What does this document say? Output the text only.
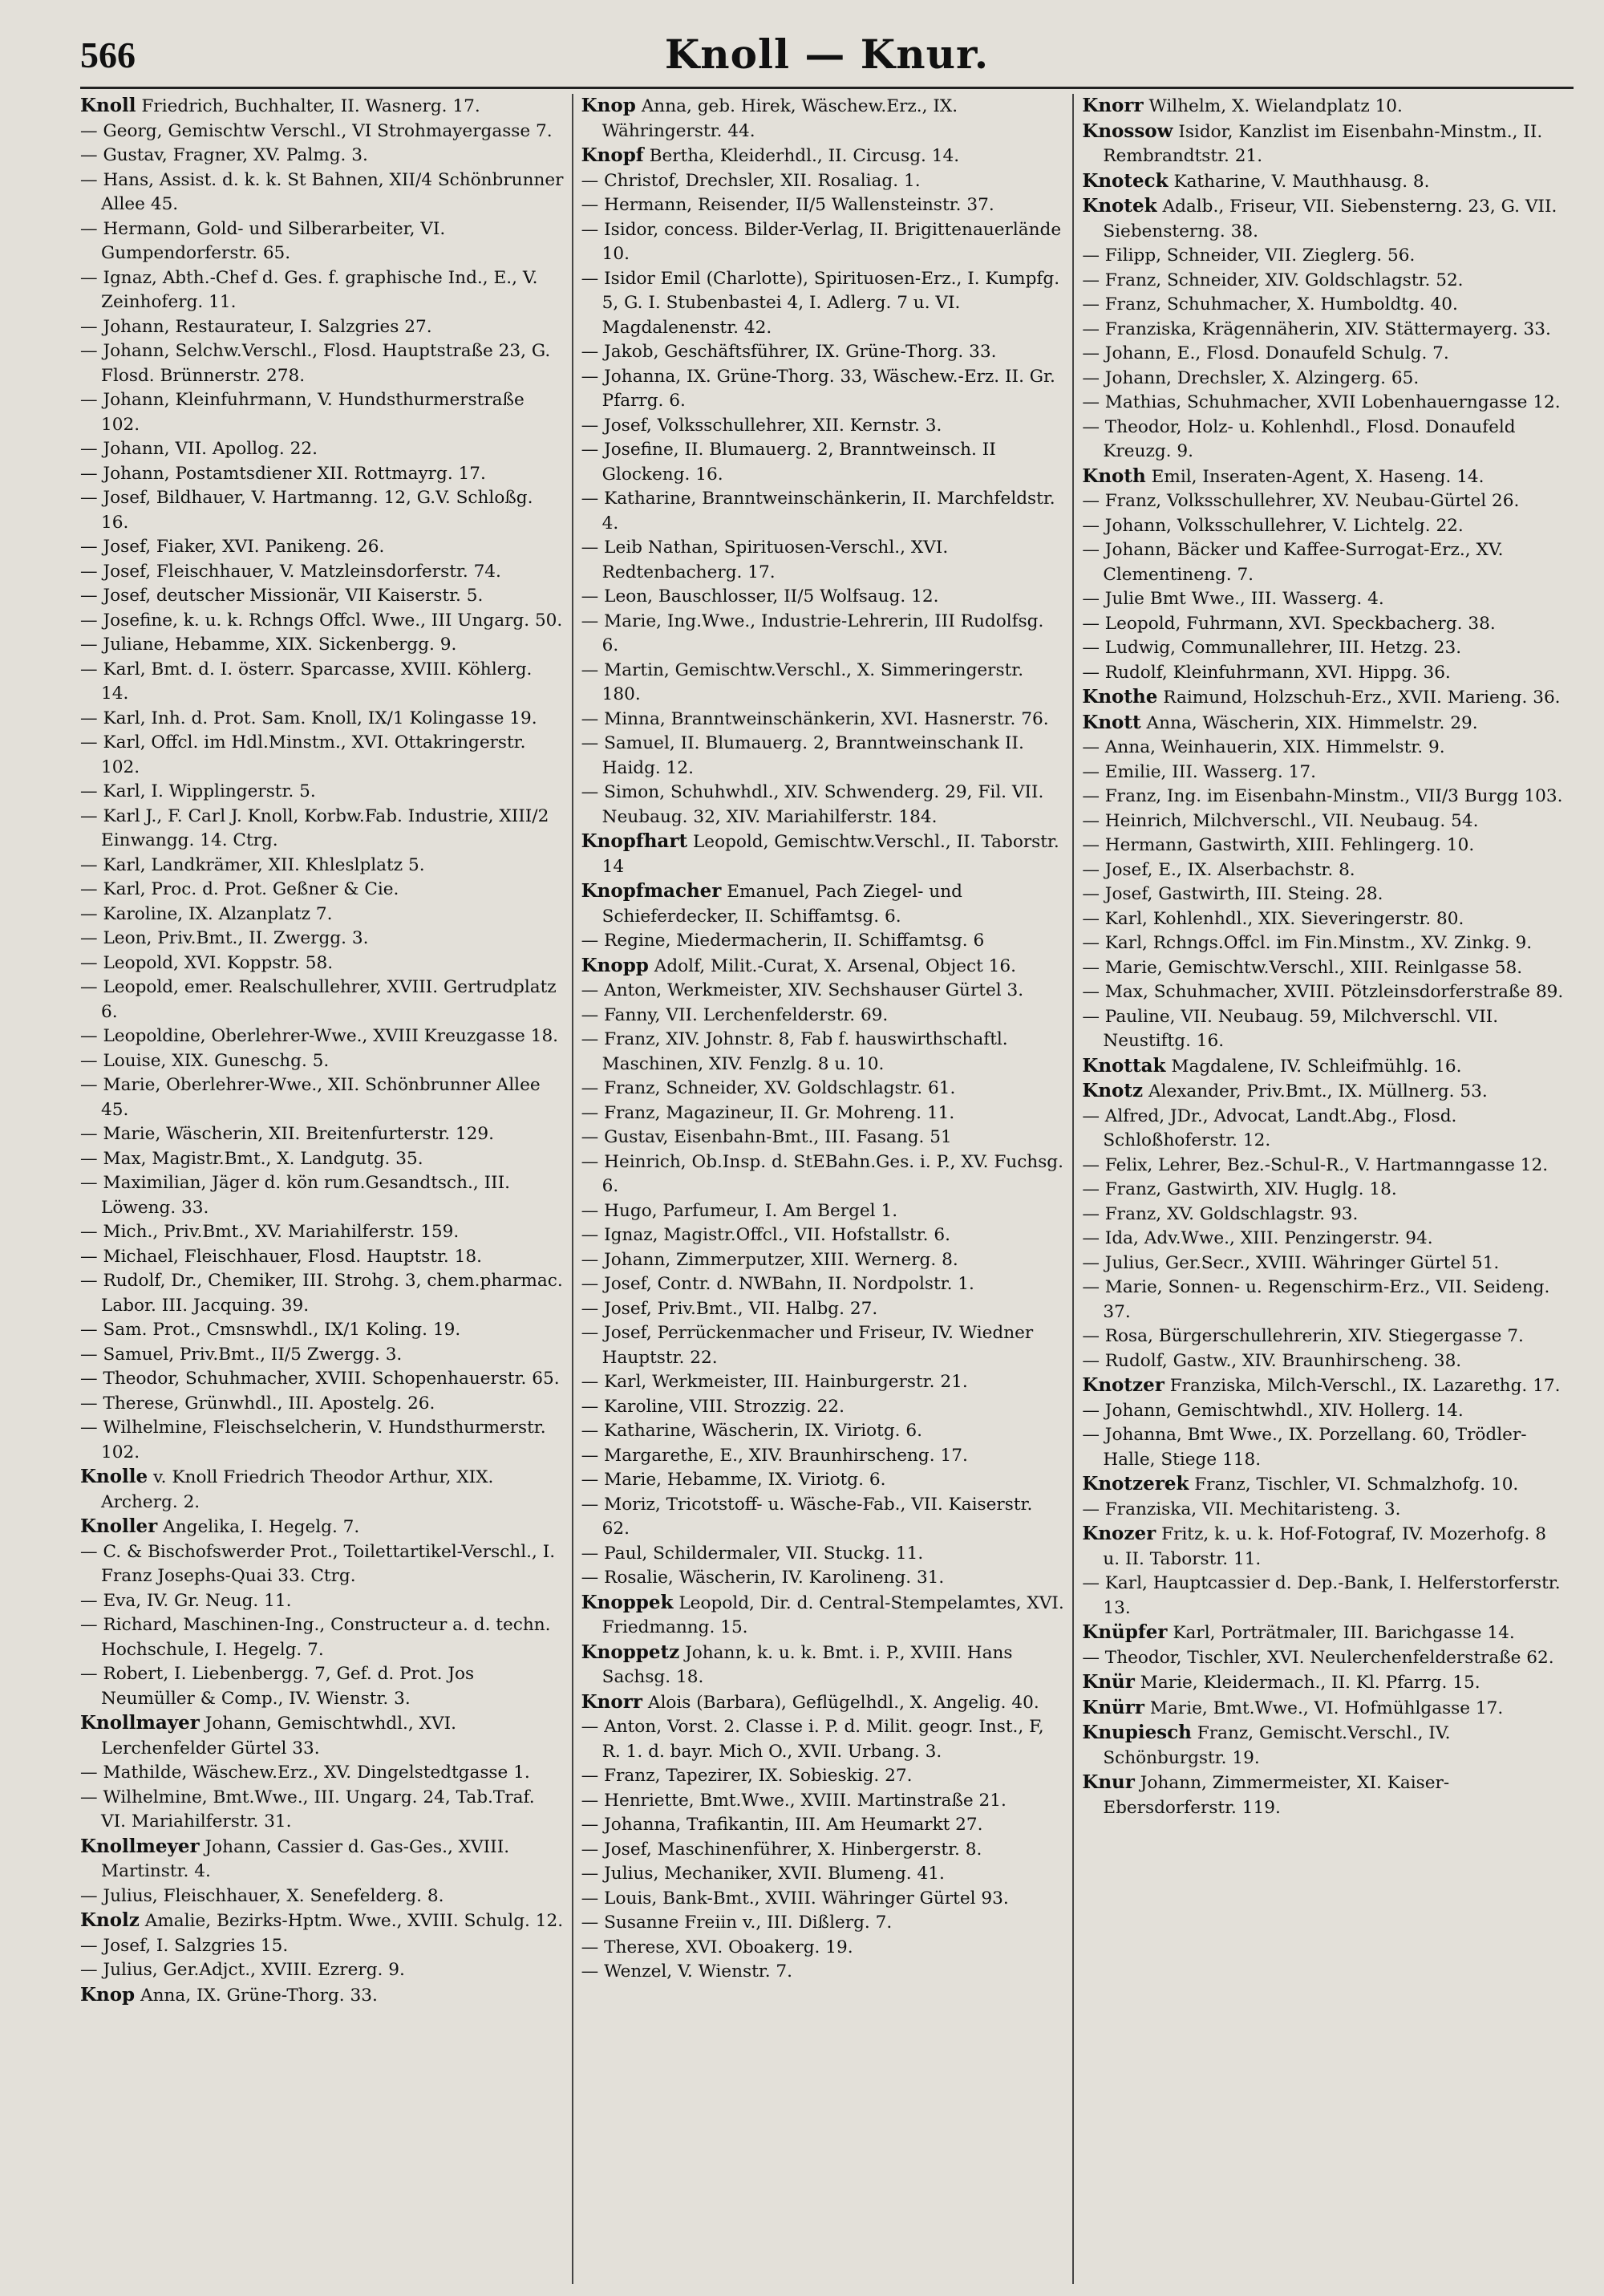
566	Knoll — Knur.
Knoll Friedrich, Buchhalter, II. Wasnerg. 17.
— Georg, Gemischtw Verschl., VI Strohmayergasse 7.
— Gustav, Fragner, XV. Palmg. 3.
— Hans, Assist. d. k. k. St Bahnen, XII/4 Schönbrunner Allee 45.
— Hermann, Gold- und Silberarbeiter, VI. Gumpendorferstr. 65.
— Ignaz, Abth.-Chef d. Ges. f. graphische Ind., E., V. Zeinhoferg. 11.
— Johann, Restaurateur, I. Salzgries 27.
— Johann, Selchw.Verschl., Flosd. Hauptstraße 23, G. Flosd. Brünnerstr. 278.
— Johann, Kleinfuhrmann, V. Hundsthurmerstraße 102.
— Johann, VII. Apollog. 22.
— Johann, Postamtsdiener XII. Rottmayrg. 17.
— Josef, Bildhauer, V. Hartmanng. 12, G.V. Schloßg. 16.
— Josef, Fiaker, XVI. Panikeng. 26.
— Josef, Fleischhauer, V. Matzleinsdorferstr. 74.
— Josef, deutscher Missionär, VII Kaiserstr. 5.
— Josefine, k. u. k. Rchngs Offcl. Wwe., III Ungarg. 50.
— Juliane, Hebamme, XIX. Sickenbergg. 9.
— Karl, Bmt. d. I. österr. Sparcasse, XVIII. Köhlerg. 14.
— Karl, Inh. d. Prot. Sam. Knoll, IX/1 Kolingasse 19.
— Karl, Offcl. im Hdl.Minstm., XVI. Ottakringerstr. 102.
— Karl, I. Wipplingerstr. 5.
— Karl J., F. Carl J. Knoll, Korbw.Fab. Industrie, XIII/2 Einwangg. 14. Ctrg.
— Karl, Landkrämer, XII. Khleslplatz 5.
— Karl, Proc. d. Prot. Geßner & Cie.
— Karoline, IX. Alzanplatz 7.
— Leon, Priv.Bmt., II. Zwergg. 3.
— Leopold, XVI. Koppstr. 58.
— Leopold, emer. Realschullehrer, XVIII. Gertrudplatz 6.
— Leopoldine, Oberlehrer-Wwe., XVIII Kreuzgasse 18.
— Louise, XIX. Guneschg. 5.
— Marie, Oberlehrer-Wwe., XII. Schönbrunner Allee 45.
— Marie, Wäscherin, XII. Breitenfurterstr. 129.
— Max, Magistr.Bmt., X. Landgutg. 35.
— Maximilian, Jäger d. kön rum.Gesandtsch., III. Löweng. 33.
— Mich., Priv.Bmt., XV. Mariahilferstr. 159.
— Michael, Fleischhauer, Flosd. Hauptstr. 18.
— Rudolf, Dr., Chemiker, III. Strohg. 3, chem.pharmac. Labor. III. Jacquing. 39.
— Sam. Prot., Cmsnswhdl., IX/1 Koling. 19.
— Samuel, Priv.Bmt., II/5 Zwergg. 3.
— Theodor, Schuhmacher, XVIII. Schopenhauerstr. 65.
— Therese, Grünwhdl., III. Apostelg. 26.
— Wilhelmine, Fleischselcherin, V. Hundsthurmerstr. 102.
Knolle v. Knoll Friedrich Theodor Arthur, XIX. Archerg. 2.
Knoller Angelika, I. Hegelg. 7.
— C. & Bischofswerder Prot., Toilettartikel-Verschl., I. Franz Josephs-Quai 33. Ctrg.
— Eva, IV. Gr. Neug. 11.
— Richard, Maschinen-Ing., Constructeur a. d. techn. Hochschule, I. Hegelg. 7.
— Robert, I. Liebenbergg. 7, Gef. d. Prot. Jos Neumüller & Comp., IV. Wienstr. 3.
Knollmayer Johann, Gemischtwhdl., XVI. Lerchenfelder Gürtel 33.
— Mathilde, Wäschew.Erz., XV. Dingelstedtgasse 1.
— Wilhelmine, Bmt.Wwe., III. Ungarg. 24, Tab.Traf. VI. Mariahilferstr. 31.
Knollmeyer Johann, Cassier d. Gas-Ges., XVIII. Martinstr. 4.
— Julius, Fleischhauer, X. Senefelderg. 8.
Knolz Amalie, Bezirks-Hptm. Wwe., XVIII. Schulg. 12.
— Josef, I. Salzgries 15.
— Julius, Ger.Adjct., XVIII. Ezrerg. 9.
Knop Anna, IX. Grüne-Thorg. 33.
Knop Anna, geb. Hirek, Wäschew.Erz., IX. Währingerstr. 44.
Knopf Bertha, Kleiderhdl., II. Circusg. 14.
— Christof, Drechsler, XII. Rosaliag. 1.
— Hermann, Reisender, II/5 Wallensteinstr. 37.
— Isidor, concess. Bilder-Verlag, II. Brigittenauerlände 10.
— Isidor Emil (Charlotte), Spirituosen-Erz., I. Kumpfg. 5, G. I. Stubenbastei 4, I. Adlerg. 7 u. VI. Magdalenenstr. 42.
— Jakob, Geschäftsführer, IX. Grüne-Thorg. 33.
— Johanna, IX. Grüne-Thorg. 33, Wäschew.-Erz. II. Gr. Pfarrg. 6.
— Josef, Volksschullehrer, XII. Kernstr. 3.
— Josefine, II. Blumauerg. 2, Branntweinsch. II Glockeng. 16.
— Katharine, Branntweinschänkerin, II. Marchfeldstr. 4.
— Leib Nathan, Spirituosen-Verschl., XVI. Redtenbacherg. 17.
— Leon, Bauschlosser, II/5 Wolfsaug. 12.
— Marie, Ing.Wwe., Industrie-Lehrerin, III Rudolfsg. 6.
— Martin, Gemischtw.Verschl., X. Simmeringerstr. 180.
— Minna, Branntweinschänkerin, XVI. Hasnerstr. 76.
— Samuel, II. Blumauerg. 2, Branntweinschank II. Haidg. 12.
— Simon, Schuhwhdl., XIV. Schwenderg. 29, Fil. VII. Neubaug. 32, XIV. Mariahilferstr. 184.
Knopfhart Leopold, Gemischtw.Verschl., II. Taborstr. 14
Knopfmacher Emanuel, Pach Ziegel- und Schieferdecker, II. Schiffamtsg. 6.
— Regine, Miedermacherin, II. Schiffamtsg. 6
Knopp Adolf, Milit.-Curat, X. Arsenal, Object 16.
— Anton, Werkmeister, XIV. Sechshauser Gürtel 3.
— Fanny, VII. Lerchenfelderstr. 69.
— Franz, XIV. Johnstr. 8, Fab f. hauswirthschaftl. Maschinen, XIV. Fenzlg. 8 u. 10.
— Franz, Schneider, XV. Goldschlagstr. 61.
— Franz, Magazineur, II. Gr. Mohreng. 11.
— Gustav, Eisenbahn-Bmt., III. Fasang. 51
— Heinrich, Ob.Insp. d. StEBahn.Ges. i. P., XV. Fuchsg. 6.
— Hugo, Parfumeur, I. Am Bergel 1.
— Ignaz, Magistr.Offcl., VII. Hofstallstr. 6.
— Johann, Zimmerputzer, XIII. Wernerg. 8.
— Josef, Contr. d. NWBahn, II. Nordpolstr. 1.
— Josef, Priv.Bmt., VII. Halbg. 27.
— Josef, Perrückenmacher und Friseur, IV. Wiedner Hauptstr. 22.
— Karl, Werkmeister, III. Hainburgerstr. 21.
— Karoline, VIII. Strozzig. 22.
— Katharine, Wäscherin, IX. Viriotg. 6.
— Margarethe, E., XIV. Braunhirscheng. 17.
— Marie, Hebamme, IX. Viriotg. 6.
— Moriz, Tricotstoff- u. Wäsche-Fab., VII. Kaiserstr. 62.
— Paul, Schildermaler, VII. Stuckg. 11.
— Rosalie, Wäscherin, IV. Karolineng. 31.
Knoppek Leopold, Dir. d. Central-Stempelamtes, XVI. Friedmanng. 15.
Knoppetz Johann, k. u. k. Bmt. i. P., XVIII. Hans Sachsg. 18.
Knorr Alois (Barbara), Geflügelhdl., X. Angelig. 40.
— Anton, Vorst. 2. Classe i. P. d. Milit. geogr. Inst., F, R. 1. d. bayr. Mich O., XVII. Urbang. 3.
— Franz, Tapezirer, IX. Sobieskig. 27.
— Henriette, Bmt.Wwe., XVIII. Martinstraße 21.
— Johanna, Trafikantin, III. Am Heumarkt 27.
— Josef, Maschinenführer, X. Hinbergerstr. 8.
— Julius, Mechaniker, XVII. Blumeng. 41.
— Louis, Bank-Bmt., XVIII. Währinger Gürtel 93.
— Susanne Freiin v., III. Dißlerg. 7.
— Therese, XVI. Oboakerg. 19.
— Wenzel, V. Wienstr. 7.
Knorr Wilhelm, X. Wielandplatz 10.
Knossow Isidor, Kanzlist im Eisenbahn-Minstm., II. Rembrandtstr. 21.
Knoteck Katharine, V. Mauthhausg. 8.
Knotek Adalb., Friseur, VII. Siebensterng. 23, G. VII. Siebensterng. 38.
— Filipp, Schneider, VII. Zieglerg. 56.
— Franz, Schneider, XIV. Goldschlagstr. 52.
— Franz, Schuhmacher, X. Humboldtg. 40.
— Franziska, Krägennäherin, XIV. Stättermayerg. 33.
— Johann, E., Flosd. Donaufeld Schulg. 7.
— Johann, Drechsler, X. Alzingerg. 65.
— Mathias, Schuhmacher, XVII Lobenhauerngasse 12.
— Theodor, Holz- u. Kohlenhdl., Flosd. Donaufeld Kreuzg. 9.
Knoth Emil, Inseraten-Agent, X. Haseng. 14.
— Franz, Volksschullehrer, XV. Neubau-Gürtel 26.
— Johann, Volksschullehrer, V. Lichtelg. 22.
— Johann, Bäcker und Kaffee-Surrogat-Erz., XV. Clementineng. 7.
— Julie Bmt Wwe., III. Wasserg. 4.
— Leopold, Fuhrmann, XVI. Speckbacherg. 38.
— Ludwig, Communallehrer, III. Hetzg. 23.
— Rudolf, Kleinfuhrmann, XVI. Hippg. 36.
Knothe Raimund, Holzschuh-Erz., XVII. Marieng. 36.
Knott Anna, Wäscherin, XIX. Himmelstr. 29.
— Anna, Weinhauerin, XIX. Himmelstr. 9.
— Emilie, III. Wasserg. 17.
— Franz, Ing. im Eisenbahn-Minstm., VII/3 Burgg 103.
— Heinrich, Milchverschl., VII. Neubaug. 54.
— Hermann, Gastwirth, XIII. Fehlingerg. 10.
— Josef, E., IX. Alserbachstr. 8.
— Josef, Gastwirth, III. Steing. 28.
— Karl, Kohlenhdl., XIX. Sieveringerstr. 80.
— Karl, Rchngs.Offcl. im Fin.Minstm., XV. Zinkg. 9.
— Marie, Gemischtw.Verschl., XIII. Reinlgasse 58.
— Max, Schuhmacher, XVIII. Pötzleinsdorferstraße 89.
— Pauline, VII. Neubaug. 59, Milchverschl. VII. Neustiftg. 16.
Knottak Magdalene, IV. Schleifmühlg. 16.
Knotz Alexander, Priv.Bmt., IX. Müllnerg. 53.
— Alfred, JDr., Advocat, Landt.Abg., Flosd. Schloßhoferstr. 12.
— Felix, Lehrer, Bez.-Schul-R., V. Hartmanngasse 12.
— Franz, Gastwirth, XIV. Huglg. 18.
— Franz, XV. Goldschlagstr. 93.
— Ida, Adv.Wwe., XIII. Penzingerstr. 94.
— Julius, Ger.Secr., XVIII. Währinger Gürtel 51.
— Marie, Sonnen- u. Regenschirm-Erz., VII. Seideng. 37.
— Rosa, Bürgerschullehrerin, XIV. Stiegergasse 7.
— Rudolf, Gastw., XIV. Braunhirscheng. 38.
Knotzer Franziska, Milch-Verschl., IX. Lazarethg. 17.
— Johann, Gemischtwhdl., XIV. Hollerg. 14.
— Johanna, Bmt Wwe., IX. Porzellang. 60, Trödler-Halle, Stiege 118.
Knotzerek Franz, Tischler, VI. Schmalzhofg. 10.
— Franziska, VII. Mechitaristeng. 3.
Knozer Fritz, k. u. k. Hof-Fotograf, IV. Mozerhofg. 8 u. II. Taborstr. 11.
— Karl, Hauptcassier d. Dep.-Bank, I. Helferstorferstr. 13.
Knüpfer Karl, Porträtmaler, III. Barichgasse 14.
— Theodor, Tischler, XVI. Neulerchenfelderstraße 62.
Knür Marie, Kleidermach., II. Kl. Pfarrg. 15.
Knürr Marie, Bmt.Wwe., VI. Hofmühlgasse 17.
Knupiesch Franz, Gemischt.Verschl., IV. Schönburgstr. 19.
Knur Johann, Zimmermeister, XI. Kaiser-Ebersdorferstr. 119.
